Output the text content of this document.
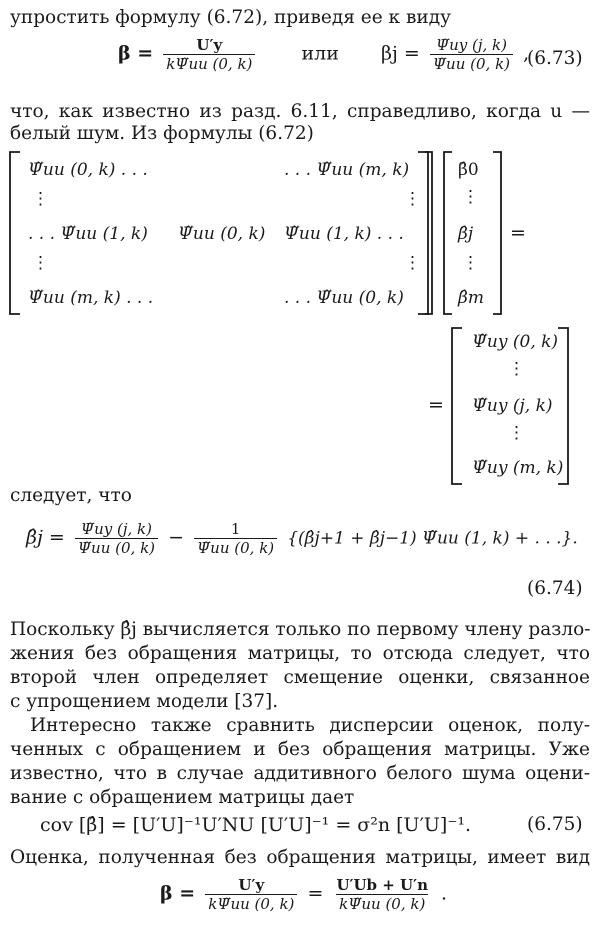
упростить формулу (6.72), приведя ее к виду
$\beta = \frac{U'y}{k\Psĩuu (0, k)}$ или $\beta j = \frac{\Psĩuy (j, k)}{\Psĩuu (0, k)}$ ,
(6.73)
что, как известно из разд. 6.11, справедливо, когда u —
белый шум. Из формулы (6.72)
Ψ̃uu (0, k) . . .	. . . Ψ̃uu (m, k)
⋮	⋮
. . . Ψ̃uu (1, k) Ψ̃uu (0, k) Ψ̃uu (1, k) . . .
⋮	⋮
Ψ̃uu (m, k) . . .	. . . Ψ̃uu (0, k)
β̂0
⋮
β̂j
⋮
β̂m
=
=
Ψ̃uy (0, k)
⋮
Ψ̃uy (j, k)
⋮
Ψ̃uy (m, k)
следует, что
β̂j = $\frac{\Psĩuy (j, k)}{\Psĩuu (0, k)} - \frac{1}{\Psĩuu (0, k)}$ {(β̂j+1 + β̂j−1) Ψ̃uu (1, k) + . . .}.
(6.74)
Поскольку β̂j вычисляется только по первому члену разло-
жения без обращения матрицы, то отсюда следует, что
второй член определяет смещение оценки, связанное
с упрощением модели [37].
Интересно также сравнить дисперсии оценок, полу-
ченных с обращением и без обращения матрицы. Уже
известно, что в случае аддитивного белого шума оцени-
вание с обращением матрицы дает
cov [β̂] = [U′U]⁻¹U′NU [U′U]⁻¹ = σ²n [U′U]⁻¹.	(6.75)
Оценка, полученная без обращения матрицы, имеет вид
$\beta = \frac{U'y}{k\Psĩuu (0, k)} = \frac{U'Ub + U'n}{k\Psĩuu (0, k)}$ .
